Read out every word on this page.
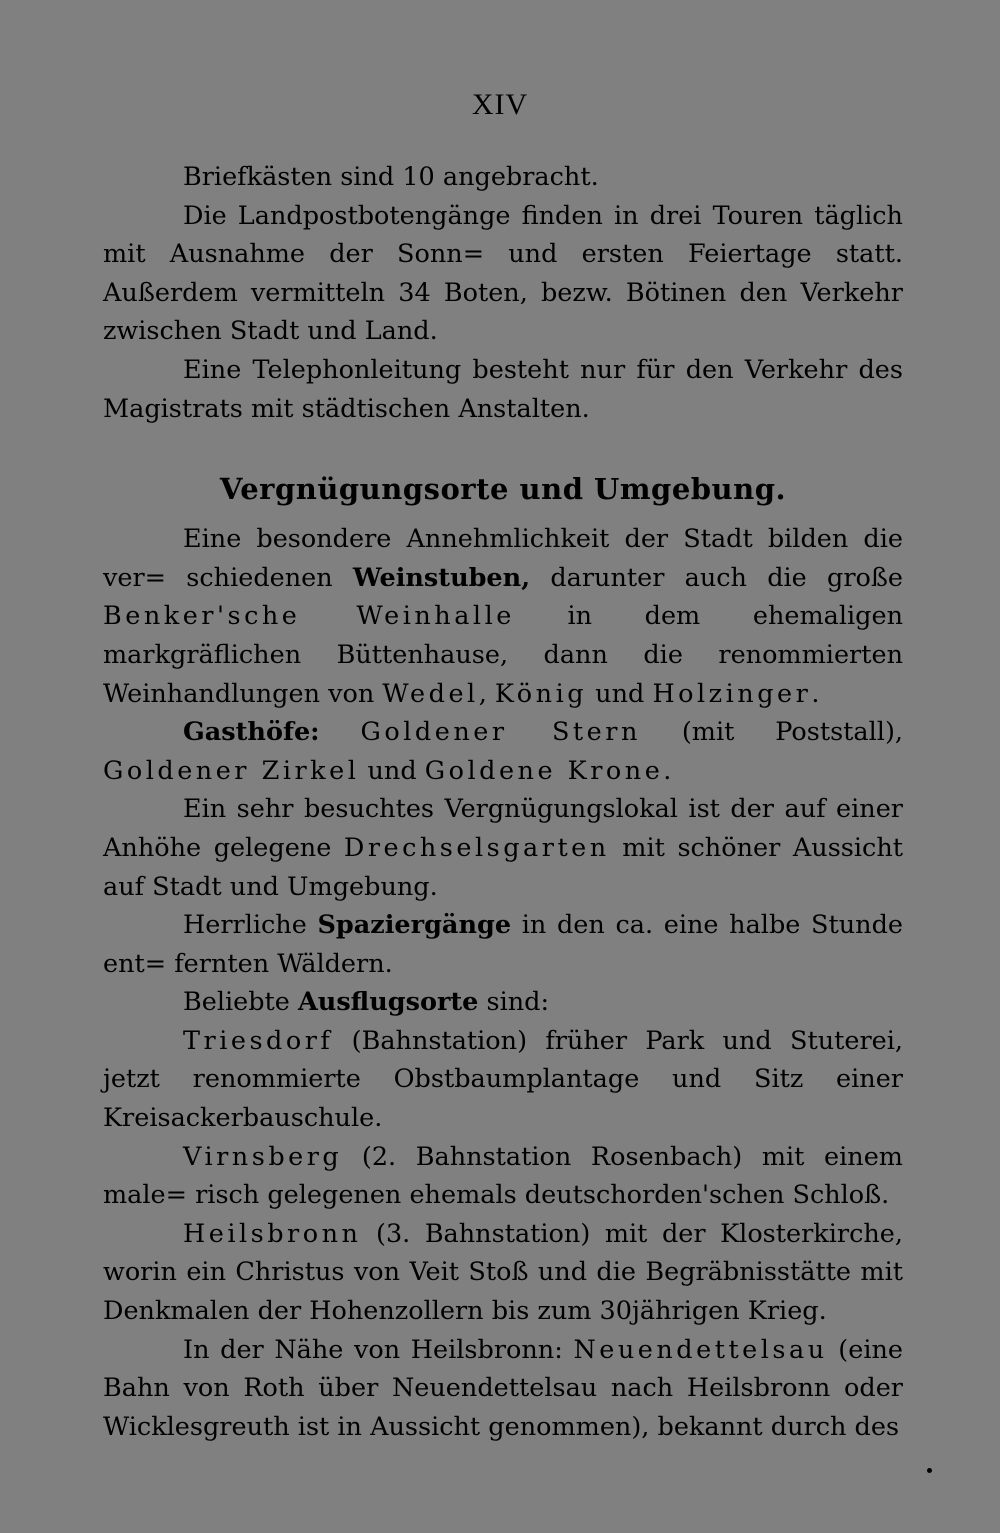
XIV

Briefkästen sind 10 angebracht.

Die Landpostbotengänge finden in drei Touren täglich mit Ausnahme der Sonn= und ersten Feiertage statt. Außerdem vermitteln 34 Boten, bezw. Bötinen den Verkehr zwischen Stadt und Land.

Eine Telephonleitung besteht nur für den Verkehr des Magistrats mit städtischen Anstalten.

Vergnügungsorte und Umgebung.

Eine besondere Annehmlichkeit der Stadt bilden die ver= schiedenen Weinstuben, darunter auch die große Benker'sche Weinhalle in dem ehemaligen markgräflichen Büttenhause, dann die renommierten Weinhandlungen von Wedel, König und Holzinger.

Gasthöfe: Goldener Stern (mit Poststall), Goldener Zirkel und Goldene Krone.

Ein sehr besuchtes Vergnügungslokal ist der auf einer Anhöhe gelegene Drechselsgarten mit schöner Aussicht auf Stadt und Umgebung.

Herrliche Spaziergänge in den ca. eine halbe Stunde ent= fernten Wäldern.

Beliebte Ausflugsorte sind:

Triesdorf (Bahnstation) früher Park und Stuterei, jetzt renommierte Obstbaumplantage und Sitz einer Kreisackerbauschule.

Virnsberg (2. Bahnstation Rosenbach) mit einem male= risch gelegenen ehemals deutschorden'schen Schloß.

Heilsbronn (3. Bahnstation) mit der Klosterkirche, worin ein Christus von Veit Stoß und die Begräbnisstätte mit Denkmalen der Hohenzollern bis zum 30jährigen Krieg.

In der Nähe von Heilsbronn: Neuendettelsau (eine Bahn von Roth über Neuendettelsau nach Heilsbronn oder Wicklesgreuth ist in Aussicht genommen), bekannt durch des
